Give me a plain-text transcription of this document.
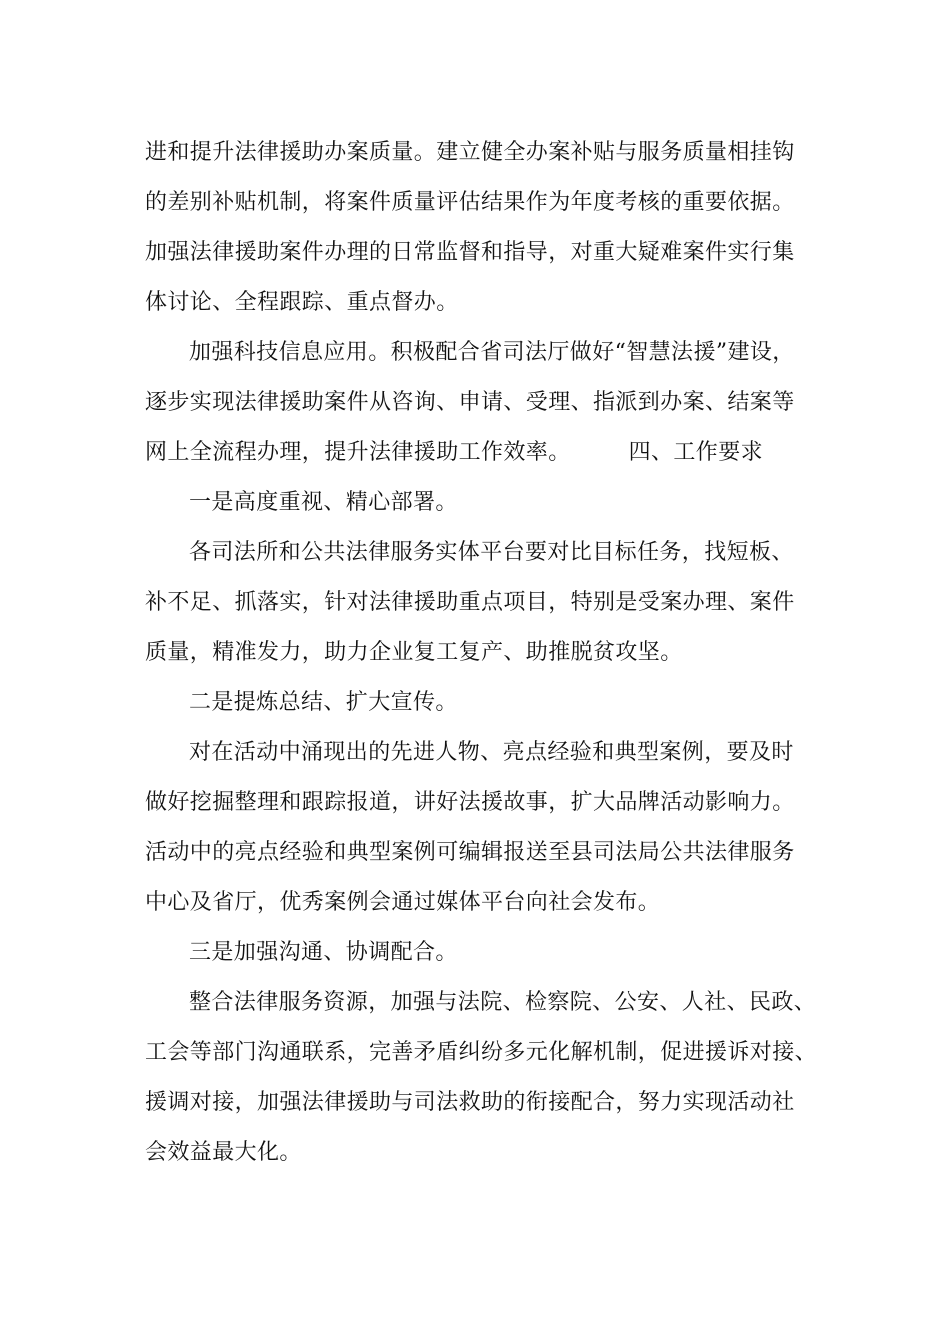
进和提升法律援助办案质量。建立健全办案补贴与服务质量相挂钩
的差别补贴机制，将案件质量评估结果作为年度考核的重要依据。
加强法律援助案件办理的日常监督和指导，对重大疑难案件实行集
体讨论、全程跟踪、重点督办。
加强科技信息应用。积极配合省司法厅做好“智慧法援”建设，
逐步实现法律援助案件从咨询、申请、受理、指派到办案、结案等
网上全流程办理，提升法律援助工作效率。	四、工作要求
一是高度重视、精心部署。
各司法所和公共法律服务实体平台要对比目标任务，找短板、
补不足、抓落实，针对法律援助重点项目，特别是受案办理、案件
质量，精准发力，助力企业复工复产、助推脱贫攻坚。
二是提炼总结、扩大宣传。
对在活动中涌现出的先进人物、亮点经验和典型案例，要及时
做好挖掘整理和跟踪报道，讲好法援故事，扩大品牌活动影响力。
活动中的亮点经验和典型案例可编辑报送至县司法局公共法律服务
中心及省厅，优秀案例会通过媒体平台向社会发布。
三是加强沟通、协调配合。
整合法律服务资源，加强与法院、检察院、公安、人社、民政、
工会等部门沟通联系，完善矛盾纠纷多元化解机制，促进援诉对接、
援调对接，加强法律援助与司法救助的衔接配合，努力实现活动社
会效益最大化。
